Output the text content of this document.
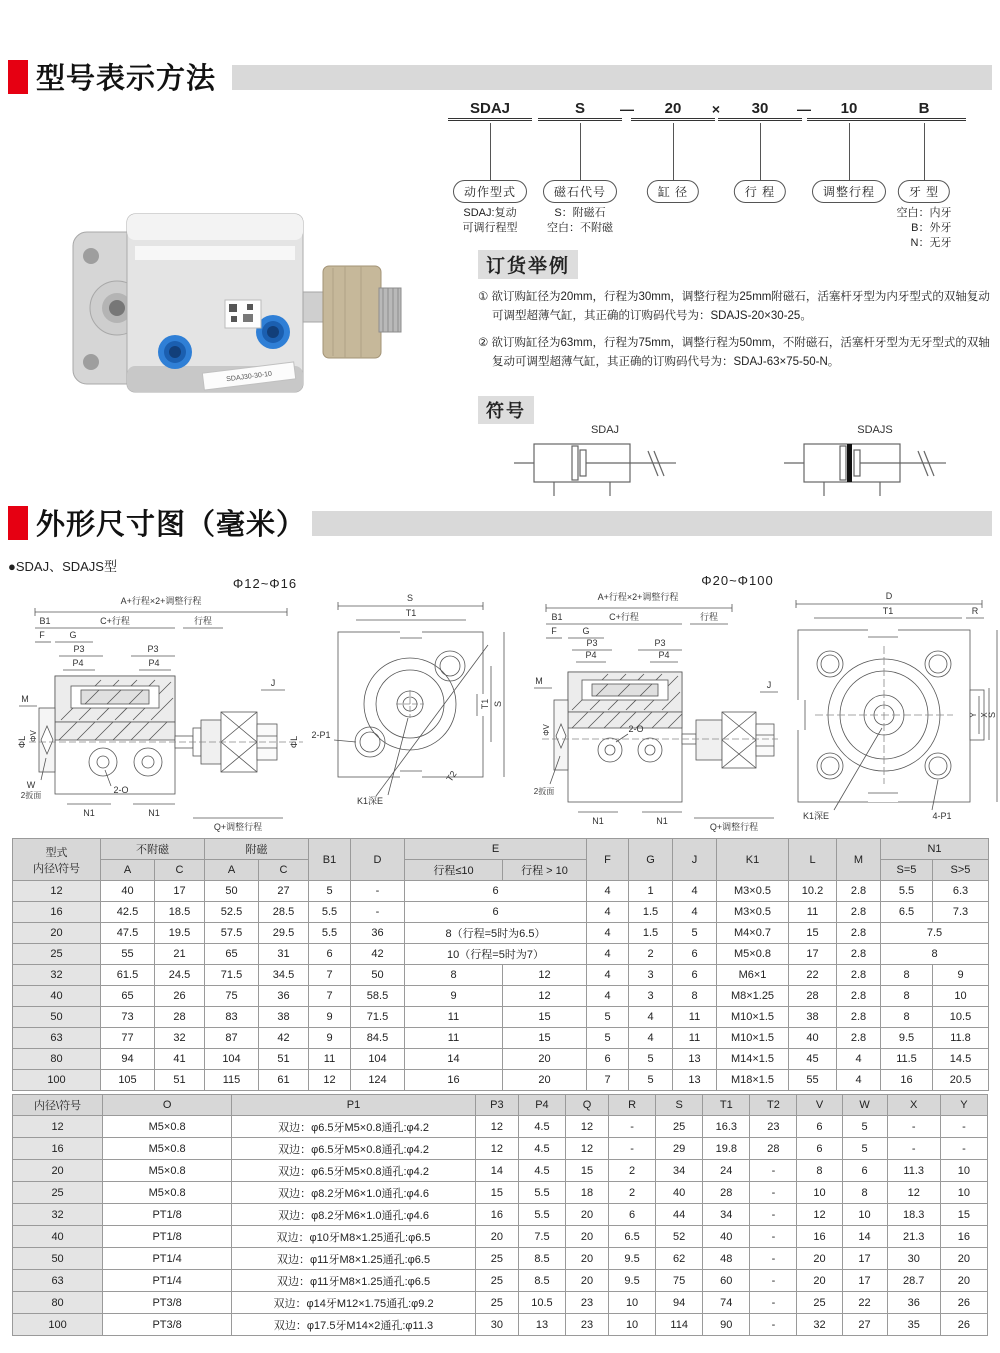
型号表示方法
SDAJ	S	20	30	10	B
—	×	—
动作型式	磁石代号	缸 径	行 程	调整行程	牙 型
SDAJ:复动
可调行程型
S：附磁石
空白：不附磁
空白：内牙
B：外牙
N：无牙
SDAJ30-30-10
订货举例

① 欲订购缸径为20mm，行程为30mm，调整行程为25mm附磁石，活塞杆牙型为内牙型式的双轴复动可调型超薄气缸，其正确的订购码代号为：SDAJS-20×30-25。

② 欲订购缸径为63mm，行程为75mm，调整行程为50mm，不附磁石，活塞杆牙型为无牙型式的双轴复动可调型超薄气缸，其正确的订购码代号为：SDAJ-63×75-50-N。

符号
SDAJ	SDAJS
外形尺寸图（毫米）
●SDAJ、SDAJS型
Φ12~Φ16	Φ20~Φ100
A+行程×2+调整行程
B1	C+行程	行程
F	G
P3	P3
P4	P4
M
2-O
ΦL ΦV
W
2扳面
J
ΦL
N1	N1
Q+调整行程
S
T1
2-P1
K1深E
T1 S
T2
A+行程×2+调整行程
B1	C+行程	行程
F	G
P3	P3
P4	P4
M
2-O
ΦV
2扳面
J
N1	N1
Q+调整行程
D
T1	R
Y X
S
K1深E	4-P1
型式
内径\符号	不附磁		附磁		B1	D	E		F	G	J	K1	L	M	N1	
	A	C	A	C			行程≤10	行程 > 10							S=5	S>5
12	40	17	50	27	5	-	6		4	1	4	M3×0.5	10.2	2.8	5.5	6.3
16	42.5	18.5	52.5	28.5	5.5	-	6		4	1.5	4	M3×0.5	11	2.8	6.5	7.3
20	47.5	19.5	57.5	29.5	5.5	36	8（行程=5时为6.5）		4	1.5	5	M4×0.7	15	2.8	7.5	
25	55	21	65	31	6	42	10（行程=5时为7）		4	2	6	M5×0.8	17	2.8	8	
32	61.5	24.5	71.5	34.5	7	50	8	12	4	3	6	M6×1	22	2.8	8	9
40	65	26	75	36	7	58.5	9	12	4	3	8	M8×1.25	28	2.8	8	10
50	73	28	83	38	9	71.5	11	15	5	4	11	M10×1.5	38	2.8	8	10.5
63	77	32	87	42	9	84.5	11	15	5	4	11	M10×1.5	40	2.8	9.5	11.8
80	94	41	104	51	11	104	14	20	6	5	13	M14×1.5	45	4	11.5	14.5
100	105	51	115	61	12	124	16	20	7	5	13	M18×1.5	55	4	16	20.5
内径\符号	O	P1	P3	P4	Q	R	S	T1	T2	V	W	X	Y
12	M5×0.8	双边：φ6.5牙M5×0.8通孔:φ4.2	12	4.5	12	-	25	16.3	23	6	5	-	-
16	M5×0.8	双边：φ6.5牙M5×0.8通孔:φ4.2	12	4.5	12	-	29	19.8	28	6	5	-	-
20	M5×0.8	双边：φ6.5牙M5×0.8通孔:φ4.2	14	4.5	15	2	34	24	-	8	6	11.3	10
25	M5×0.8	双边：φ8.2牙M6×1.0通孔:φ4.6	15	5.5	18	2	40	28	-	10	8	12	10
32	PT1/8	双边：φ8.2牙M6×1.0通孔:φ4.6	16	5.5	20	6	44	34	-	12	10	18.3	15
40	PT1/8	双边：φ10牙M8×1.25通孔:φ6.5	20	7.5	20	6.5	52	40	-	16	14	21.3	16
50	PT1/4	双边：φ11牙M8×1.25通孔:φ6.5	25	8.5	20	9.5	62	48	-	20	17	30	20
63	PT1/4	双边：φ11牙M8×1.25通孔:φ6.5	25	8.5	20	9.5	75	60	-	20	17	28.7	20
80	PT3/8	双边：φ14牙M12×1.75通孔:φ9.2	25	10.5	23	10	94	74	-	25	22	36	26
100	PT3/8	双边：φ17.5牙M14×2通孔:φ11.3	30	13	23	10	114	90	-	32	27	35	26
